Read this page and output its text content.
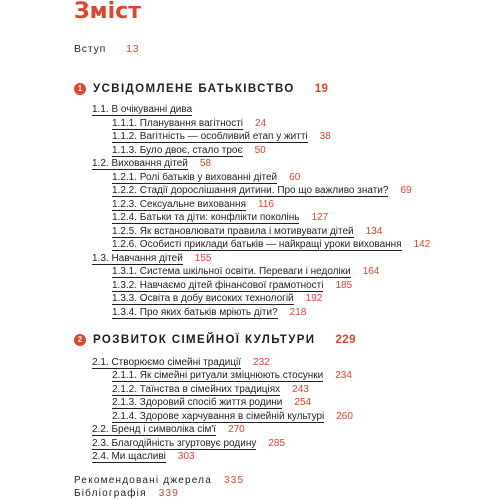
Зміст
Вступ 13
1 УСВІДОМЛЕНЕ БАТЬКІВСТВО 19
1.1. В очікуванні дива
1.1.1. Планування вагітності 24
1.1.2. Вагітність — особливий етап у житті 38
1.1.3. Було двоє, стало троє 50
1.2. Виховання дітей 58
1.2.1. Ролі батьків у вихованні дітей 60
1.2.2. Стадії дорослішання дитини. Про що важливо знати? 69
1.2.3. Сексуальне виховання 116
1.2.4. Батьки та діти: конфлікти поколінь 127
1.2.5. Як встановлювати правила і мотивувати дітей 134
1.2.6. Особисті приклади батьків — найкращі уроки виховання 142
1.3. Навчання дітей 155
1.3.1. Система шкільної освіти. Переваги і недоліки 164
1.3.2. Навчаємо дітей фінансової грамотності 185
1.3.3. Освіта в добу високих технологій 192
1.3.4. Про яких батьків мріють діти? 218
2 РОЗВИТОК СІМЕЙНОЇ КУЛЬТУРИ 229
2.1. Створюємо сімейні традиції 232
2.1.1. Як сімейні ритуали зміцнюють стосунки 234
2.1.2. Таїнства в сімейних традиціях 243
2.1.3. Здоровий спосіб життя родини 254
2.1.4. Здорове харчування в сімейній культурі 260
2.2. Бренд і символіка сім'ї 270
2.3. Благодійність згуртовує родину 285
2.4. Ми щасливі 303
Рекомендовані джерела 335
Бібліографія 339
